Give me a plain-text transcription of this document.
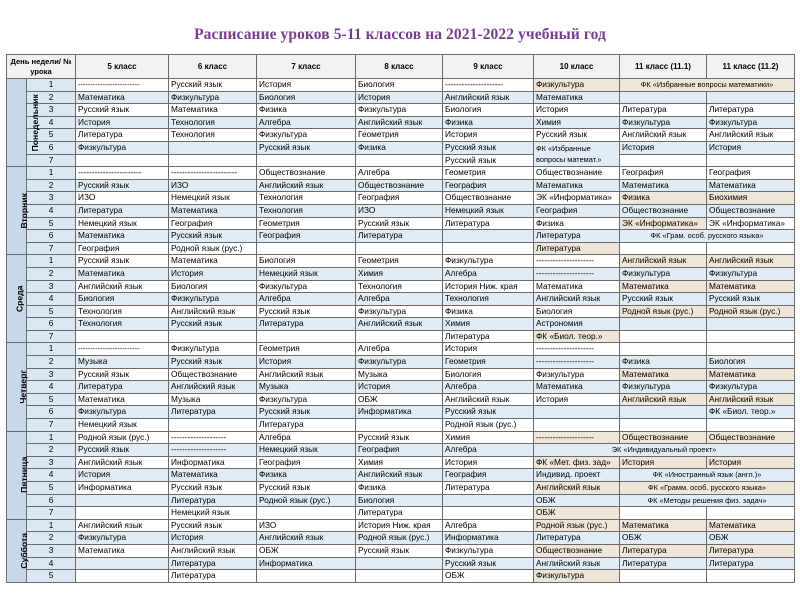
Расписание уроков 5-11 классов на 2021-2022 учебный год
День недели/ № урока		5 класс	6 класс	7 класс	8 класс	9 класс	10 класс	11 класс (11.1)	11 класс (11.2)
Понедельник	1	-------------------------	Русский язык	История	Биология	---------------------	Физкультура	ФК «Избранные вопросы математики»	
	2	Математика	Физкультура	Биология	История	Английский язык	Математика		
	3	Русский язык	Математика	Физика	Физкультура	Биология	История	Литература	Литература
	4	История	Технология	Алгебра	Английский язык	Физика	Химия	Физкультура	Физкультура
	5	Литература	Технология	Физкультура	Геометрия	История	Русский язык	Английский язык	Английский язык
	6	Физкультура		Русский язык	Физика	Русский язык	ФК «Избранные вопросы математ.»	История	История
	7					Русский язык			
Вторник	1	-----------------------	------------------------	Обществознание	Алгебра	Геометрия	Обществознание	География	География
	2	Русский язык	ИЗО	Английский язык	Обществознание	География	Математика	Математика	Математика
	3	ИЗО	Немецкий язык	Технология	География	Обществознание	ЭК «Информатика»	Физика	Биохимия
	4	Литература	Математика	Технология	ИЗО	Немецкий язык	География	Обществознание	Обществознание
	5	Немецкий язык	География	Геометрия	Русский язык	Литература	Физика	ЭК «Информатика»	ЭК «Информатика»
	6	Математика	Русский язык	География	Литература		Литература	ФК «Грам. особ. русского языка»	
	7	География	Родной язык (рус.)				Литература		
Среда	1	Русский язык	Математика	Биология	Геометрия	Физкультура	---------------------	Английский язык	Английский язык
	2	Математика	История	Немецкий язык	Химия	Алгебра	---------------------	Физкультура	Физкультура
	3	Английский язык	Биология	Физкультура	Технология	История Ниж. края	Математика	Математика	Математика
	4	Биология	Физкультура	Алгебра	Алгебра	Технология	Английский язык	Русский язык	Русский язык
	5	Технология	Английский язык	Русский язык	Физкультура	Физика	Биология	Родной язык (рус.)	Родной язык (рус.)
	6	Технология	Русский язык	Литература	Английский язык	Химия	Астрономия		
	7					Литература	ФК «Биол. теор.»		
Четверг	1	-------------------------	Физкультура	Геометрия	Алгебра	История	---------------------		
	2	Музыка	Русский язык	История	Физкультура	Геометрия	---------------------	Физика	Биология
	3	Русский язык	Обществознание	Английский язык	Музыка	Биология	Физкультура	Математика	Математика
	4	Литература	Английский язык	Музыка	История	Алгебра	Математика	Физкультура	Физкультура
	5	Математика	Музыка	Физкультура	ОБЖ	Английский язык	История	Английский язык	Английский язык
	6	Физкультура	Литература	Русский язык	Информатика	Русский язык			ФК «Биол. теор.»
	7	Немецкий язык		Литература		Родной язык (рус.)			
Пятница	1	Родной язык (рус.)	--------------------	Алгебра	Русский язык	Химия	---------------------	Обществознание	Обществознание
	2	Русский язык	--------------------	Немецкий язык	География	Алгебра	ЭК «Индивидуальный проект»		
	3	Английский язык	Информатика	География	Химия	История	ФК «Мет. физ. зад»	История	История
	4	История	Математика	Физика	Английский язык	География	Индивид. проект	ФК «Иностранный язык (англ.)»	
	5	Информатика	Русский язык	Русский язык	Физика	Литература	Английский язык	ФК «Грамм. особ. русского языка»	
	6		Литература	Родной язык (рус.)	Биология		ОБЖ	ФК «Методы решения физ. задач»	
	7		Немецкий язык		Литература		ОБЖ		
Суббота	1	Английский язык	Русский язык	ИЗО	История Ниж. края	Алгебра	Родной язык (рус.)	Математика	Математика
	2	Физкультура	История	Английский язык	Родной язык (рус.)	Информатика	Литература	ОБЖ	ОБЖ
	3	Математика	Английский язык	ОБЖ	Русский язык	Физкультура	Обществознание	Литература	Литература
	4		Литература	Информатика		Русский язык	Английский язык	Литература	Литература
	5		Литература			ОБЖ	Физкультура		
